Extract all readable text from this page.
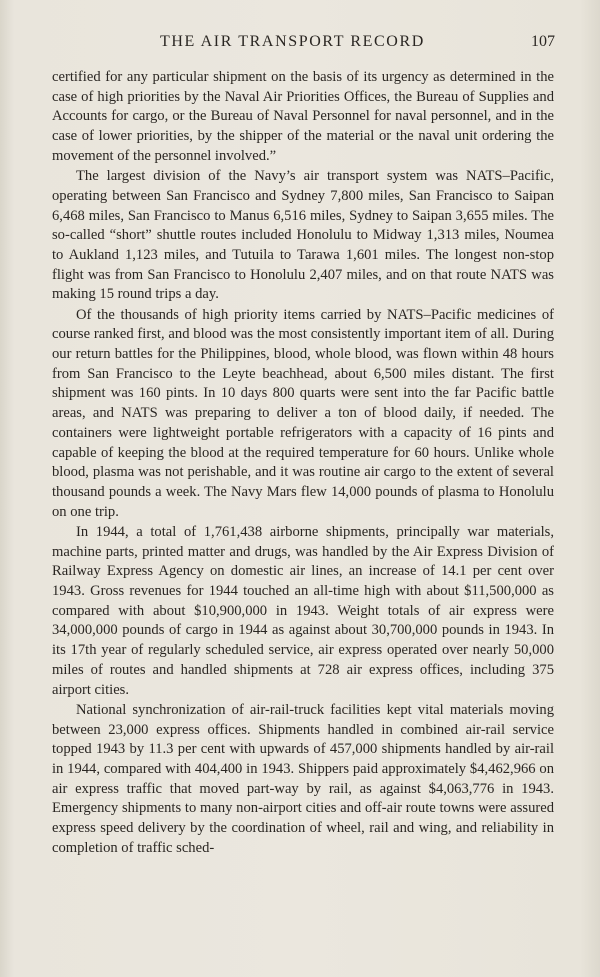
THE AIR TRANSPORT RECORD	107

certified for any particular shipment on the basis of its urgency as determined in the case of high priorities by the Naval Air Priorities Offices, the Bureau of Supplies and Accounts for cargo, or the Bureau of Naval Personnel for naval personnel, and in the case of lower priorities, by the shipper of the material or the naval unit ordering the movement of the personnel involved.”

The largest division of the Navy’s air transport system was NATS–Pacific, operating between San Francisco and Sydney 7,800 miles, San Francisco to Saipan 6,468 miles, San Francisco to Manus 6,516 miles, Sydney to Saipan 3,655 miles. The so-called “short” shuttle routes included Honolulu to Midway 1,313 miles, Noumea to Aukland 1,123 miles, and Tutuila to Tarawa 1,601 miles. The longest non-stop flight was from San Francisco to Honolulu 2,407 miles, and on that route NATS was making 15 round trips a day.

Of the thousands of high priority items carried by NATS–Pacific medicines of course ranked first, and blood was the most consistently important item of all. During our return battles for the Philippines, blood, whole blood, was flown within 48 hours from San Francisco to the Leyte beachhead, about 6,500 miles distant. The first shipment was 160 pints. In 10 days 800 quarts were sent into the far Pacific battle areas, and NATS was preparing to deliver a ton of blood daily, if needed. The containers were lightweight portable refrigerators with a capacity of 16 pints and capable of keeping the blood at the required temperature for 60 hours. Unlike whole blood, plasma was not perishable, and it was routine air cargo to the extent of several thousand pounds a week. The Navy Mars flew 14,000 pounds of plasma to Honolulu on one trip.

In 1944, a total of 1,761,438 airborne shipments, principally war materials, machine parts, printed matter and drugs, was handled by the Air Express Division of Railway Express Agency on domestic air lines, an increase of 14.1 per cent over 1943. Gross revenues for 1944 touched an all-time high with about $11,500,000 as compared with about $10,900,000 in 1943. Weight totals of air express were 34,000,000 pounds of cargo in 1944 as against about 30,700,000 pounds in 1943. In its 17th year of regularly scheduled service, air express operated over nearly 50,000 miles of routes and handled shipments at 728 air express offices, including 375 airport cities.

National synchronization of air-rail-truck facilities kept vital materials moving between 23,000 express offices. Shipments handled in combined air-rail service topped 1943 by 11.3 per cent with upwards of 457,000 shipments handled by air-rail in 1944, compared with 404,400 in 1943. Shippers paid approximately $4,462,966 on air express traffic that moved part-way by rail, as against $4,063,776 in 1943. Emergency shipments to many non-airport cities and off-air route towns were assured express speed delivery by the coordination of wheel, rail and wing, and reliability in completion of traffic sched-
